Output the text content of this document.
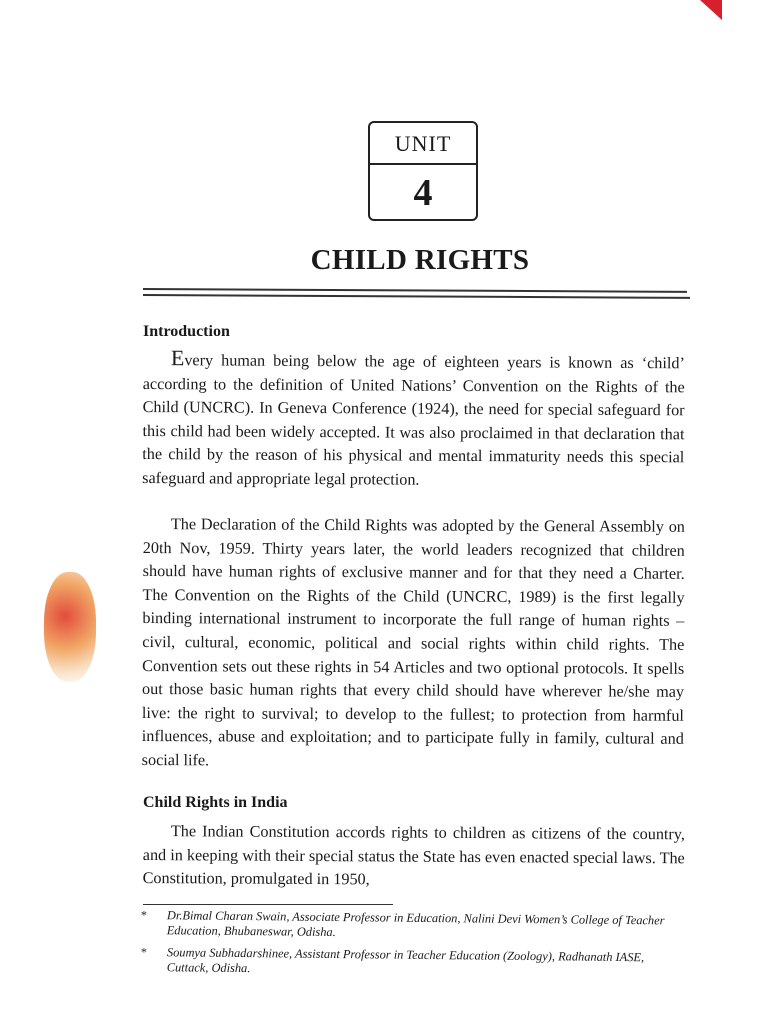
UNIT
4
CHILD RIGHTS
Introduction

Every human being below the age of eighteen years is known as ‘child’ according to the definition of United Nations’ Convention on the Rights of the Child (UNCRC). In Geneva Conference (1924), the need for special safeguard for this child had been widely accepted. It was also proclaimed in that declaration that the child by the reason of his physical and mental immaturity needs this special safeguard and appropriate legal protection.

The Declaration of the Child Rights was adopted by the General Assembly on 20th Nov, 1959. Thirty years later, the world leaders recognized that children should have human rights of exclusive manner and for that they need a Charter. The Convention on the Rights of the Child (UNCRC, 1989) is the first legally binding international instrument to incorporate the full range of human rights – civil, cultural, economic, political and social rights within child rights. The Convention sets out these rights in 54 Articles and two optional protocols. It spells out those basic human rights that every child should have wherever he/she may live: the right to survival; to develop to the fullest; to protection from harmful influences, abuse and exploitation; and to participate fully in family, cultural and social life.

Child Rights in India

The Indian Constitution accords rights to children as citizens of the country, and in keeping with their special status the State has even enacted special laws. The Constitution, promulgated in 1950,

*	Dr.Bimal Charan Swain, Associate Professor in Education, Nalini Devi Women’s College of Teacher Education, Bhubaneswar, Odisha.
*	Soumya Subhadarshinee, Assistant Professor in Teacher Education (Zoology), Radhanath IASE, Cuttack, Odisha.
